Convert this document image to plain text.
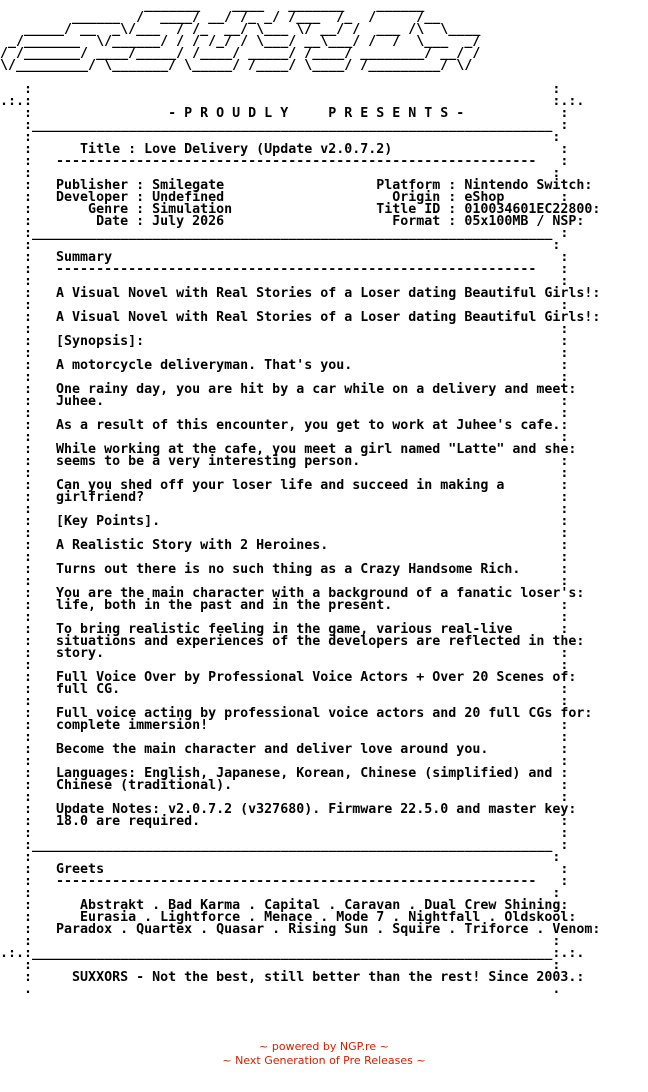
_______    ____   _______    ______
______  /  ____/ __/ /_ _/ /___  /_  /     /__
_____/ __  _\/___  / /_  __/ \___ \/ __/ /  ___ /\  \____
_/_______  \/______/ / / /_/ / \___/ __\___/ /  /  \___  _/
/ /_______/ ____/_____/ /____/ _____/ /____/ ________/ __/ /
\/_________/ \_______/ \_____/ /____/ \____/ /_________/ \/

:                                                                 :
.:.:                                                                 :.:.
:                 - P R O U D L Y     P R E S E N T S -            :
:_________________________________________________________________ :
:                                                                 :
:      Title : Love Delivery (Update v2.0.7.2)                     :
:   ------------------------------------------------------------   :
:                                                                 :
:   Publisher : Smilegate                   Platform : Nintendo Switch:
:   Developer : Undefined                     Origin : eShop       :
:       Genre : Simulation                  Title ID : 010034601EC22800:
:        Date : July 2026                     Format : 05x100MB / NSP:
:_________________________________________________________________ :
:                                                                 :
:   Summary                                                        :
:   ------------------------------------------------------------   :
:                                                                  :
:   A Visual Novel with Real Stories of a Loser dating Beautiful Girls!:
:                                                                  :
:   A Visual Novel with Real Stories of a Loser dating Beautiful Girls!:
:                                                                  :
:   [Synopsis]:                                                    :
:                                                                  :
:   A motorcycle deliveryman. That's you.                          :
:                                                                  :
:   One rainy day, you are hit by a car while on a delivery and meet:
:   Juhee.                                                         :
:                                                                  :
:   As a result of this encounter, you get to work at Juhee's cafe.:
:                                                                  :
:   While working at the cafe, you meet a girl named "Latte" and she:
:   seems to be a very interesting person.                         :
:                                                                  :
:   Can you shed off your loser life and succeed in making a       :
:   girlfriend?                                                    :
:                                                                  :
:   [Key Points].                                                  :
:                                                                  :
:   A Realistic Story with 2 Heroines.                             :
:                                                                  :
:   Turns out there is no such thing as a Crazy Handsome Rich.     :
:                                                                  :
:   You are the main character with a background of a fanatic loser's:
:   life, both in the past and in the present.                     :
:                                                                  :
:   To bring realistic feeling in the game, various real-live      :
:   situations and experiences of the developers are reflected in the:
:   story.                                                         :
:                                                                  :
:   Full Voice Over by Professional Voice Actors + Over 20 Scenes of:
:   full CG.                                                       :
:                                                                  :
:   Full voice acting by professional voice actors and 20 full CGs for:
:   complete immersion!                                            :
:                                                                  :
:   Become the main character and deliver love around you.         :
:                                                                  :
:   Languages: English, Japanese, Korean, Chinese (simplified) and :
:   Chinese (traditional).                                         :
:                                                                  :
:   Update Notes: v2.0.7.2 (v327680). Firmware 22.5.0 and master key:
:   18.0 are required.                                             :
:                                                                  :
:_________________________________________________________________ :
:                                                                 :
:   Greets                                                         :
:   ------------------------------------------------------------   :
:                                                                 :
:      Abstrakt . Bad Karma . Capital . Caravan . Dual Crew Shining:
:      Eurasia . Lightforce . Menace . Mode 7 . Nightfall . Oldskool:
:   Paradox . Quartex . Quasar . Rising Sun . Squire . Triforce . Venom:
:                                                                 :
.:.:_________________________________________________________________:.:.
:                                                                 :
:     SUXXORS - Not the best, still better than the rest! Since 2003.:
.                                                                 .
~ powered by NGP.re ~
~ Next Generation of Pre Releases ~
